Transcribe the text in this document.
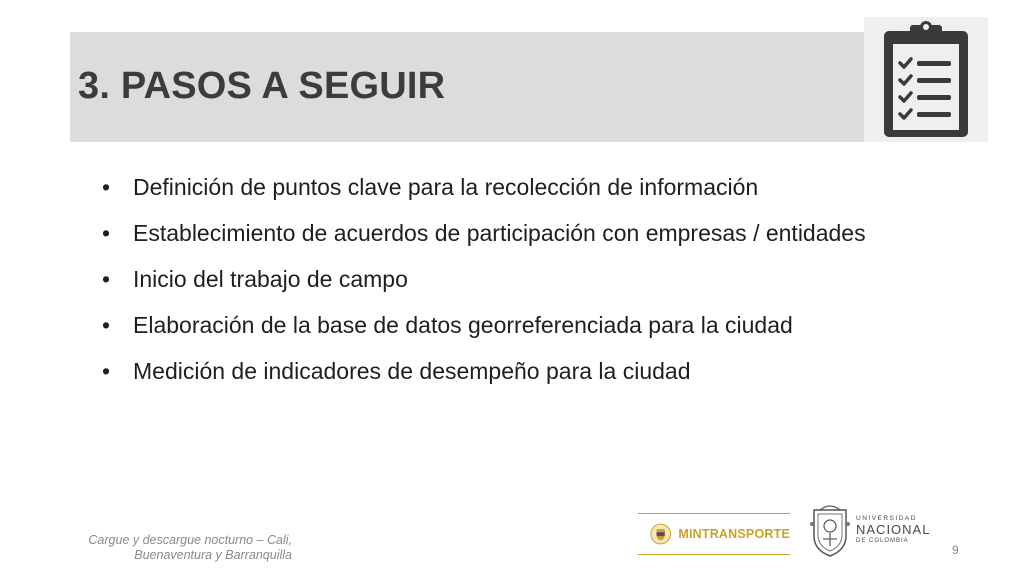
3. PASOS A SEGUIR
• Definición de puntos clave para la recolección de información
• Establecimiento de acuerdos de participación con empresas / entidades
• Inicio del trabajo de campo
• Elaboración de la base de datos georreferenciada para la ciudad
• Medición de indicadores de desempeño para la ciudad
Cargue y descargue nocturno – Cali,
Buenaventura y Barranquilla
MINTRANSPORTE
UNIVERSIDAD
NACIONAL
DE COLOMBIA
9
